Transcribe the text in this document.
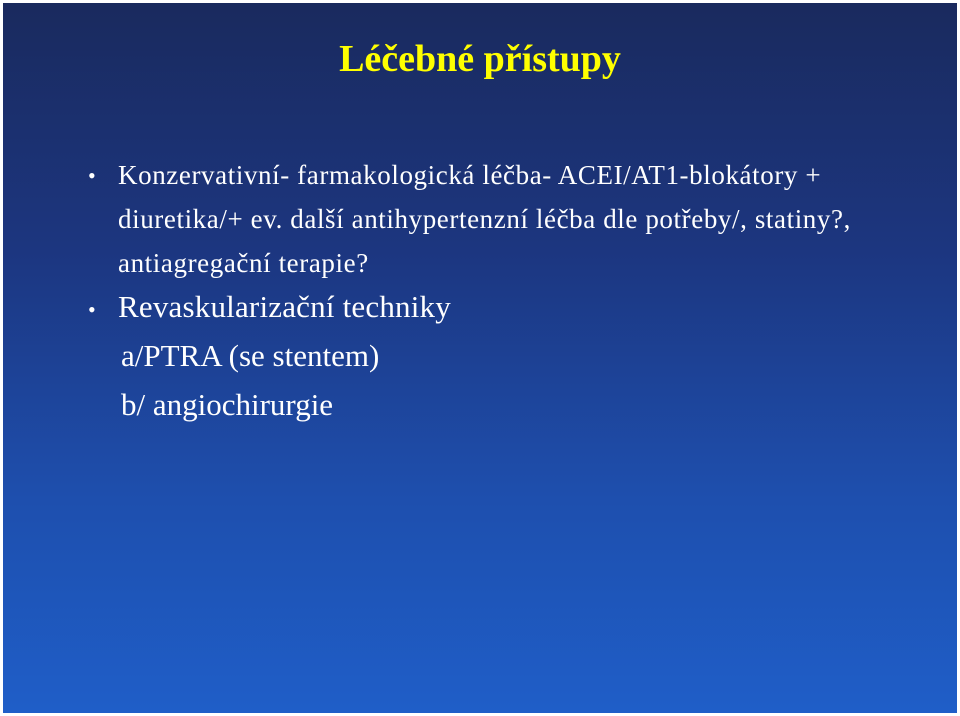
Léčebné přístupy
• Konzervativní- farmakologická léčba- ACEI/AT1-blokátory + diuretika/+ ev. další antihypertenzní léčba dle potřeby/, statiny?, antiagregační terapie?
• Revaskularizační techniky
a/PTRA (se stentem)
b/ angiochirurgie
